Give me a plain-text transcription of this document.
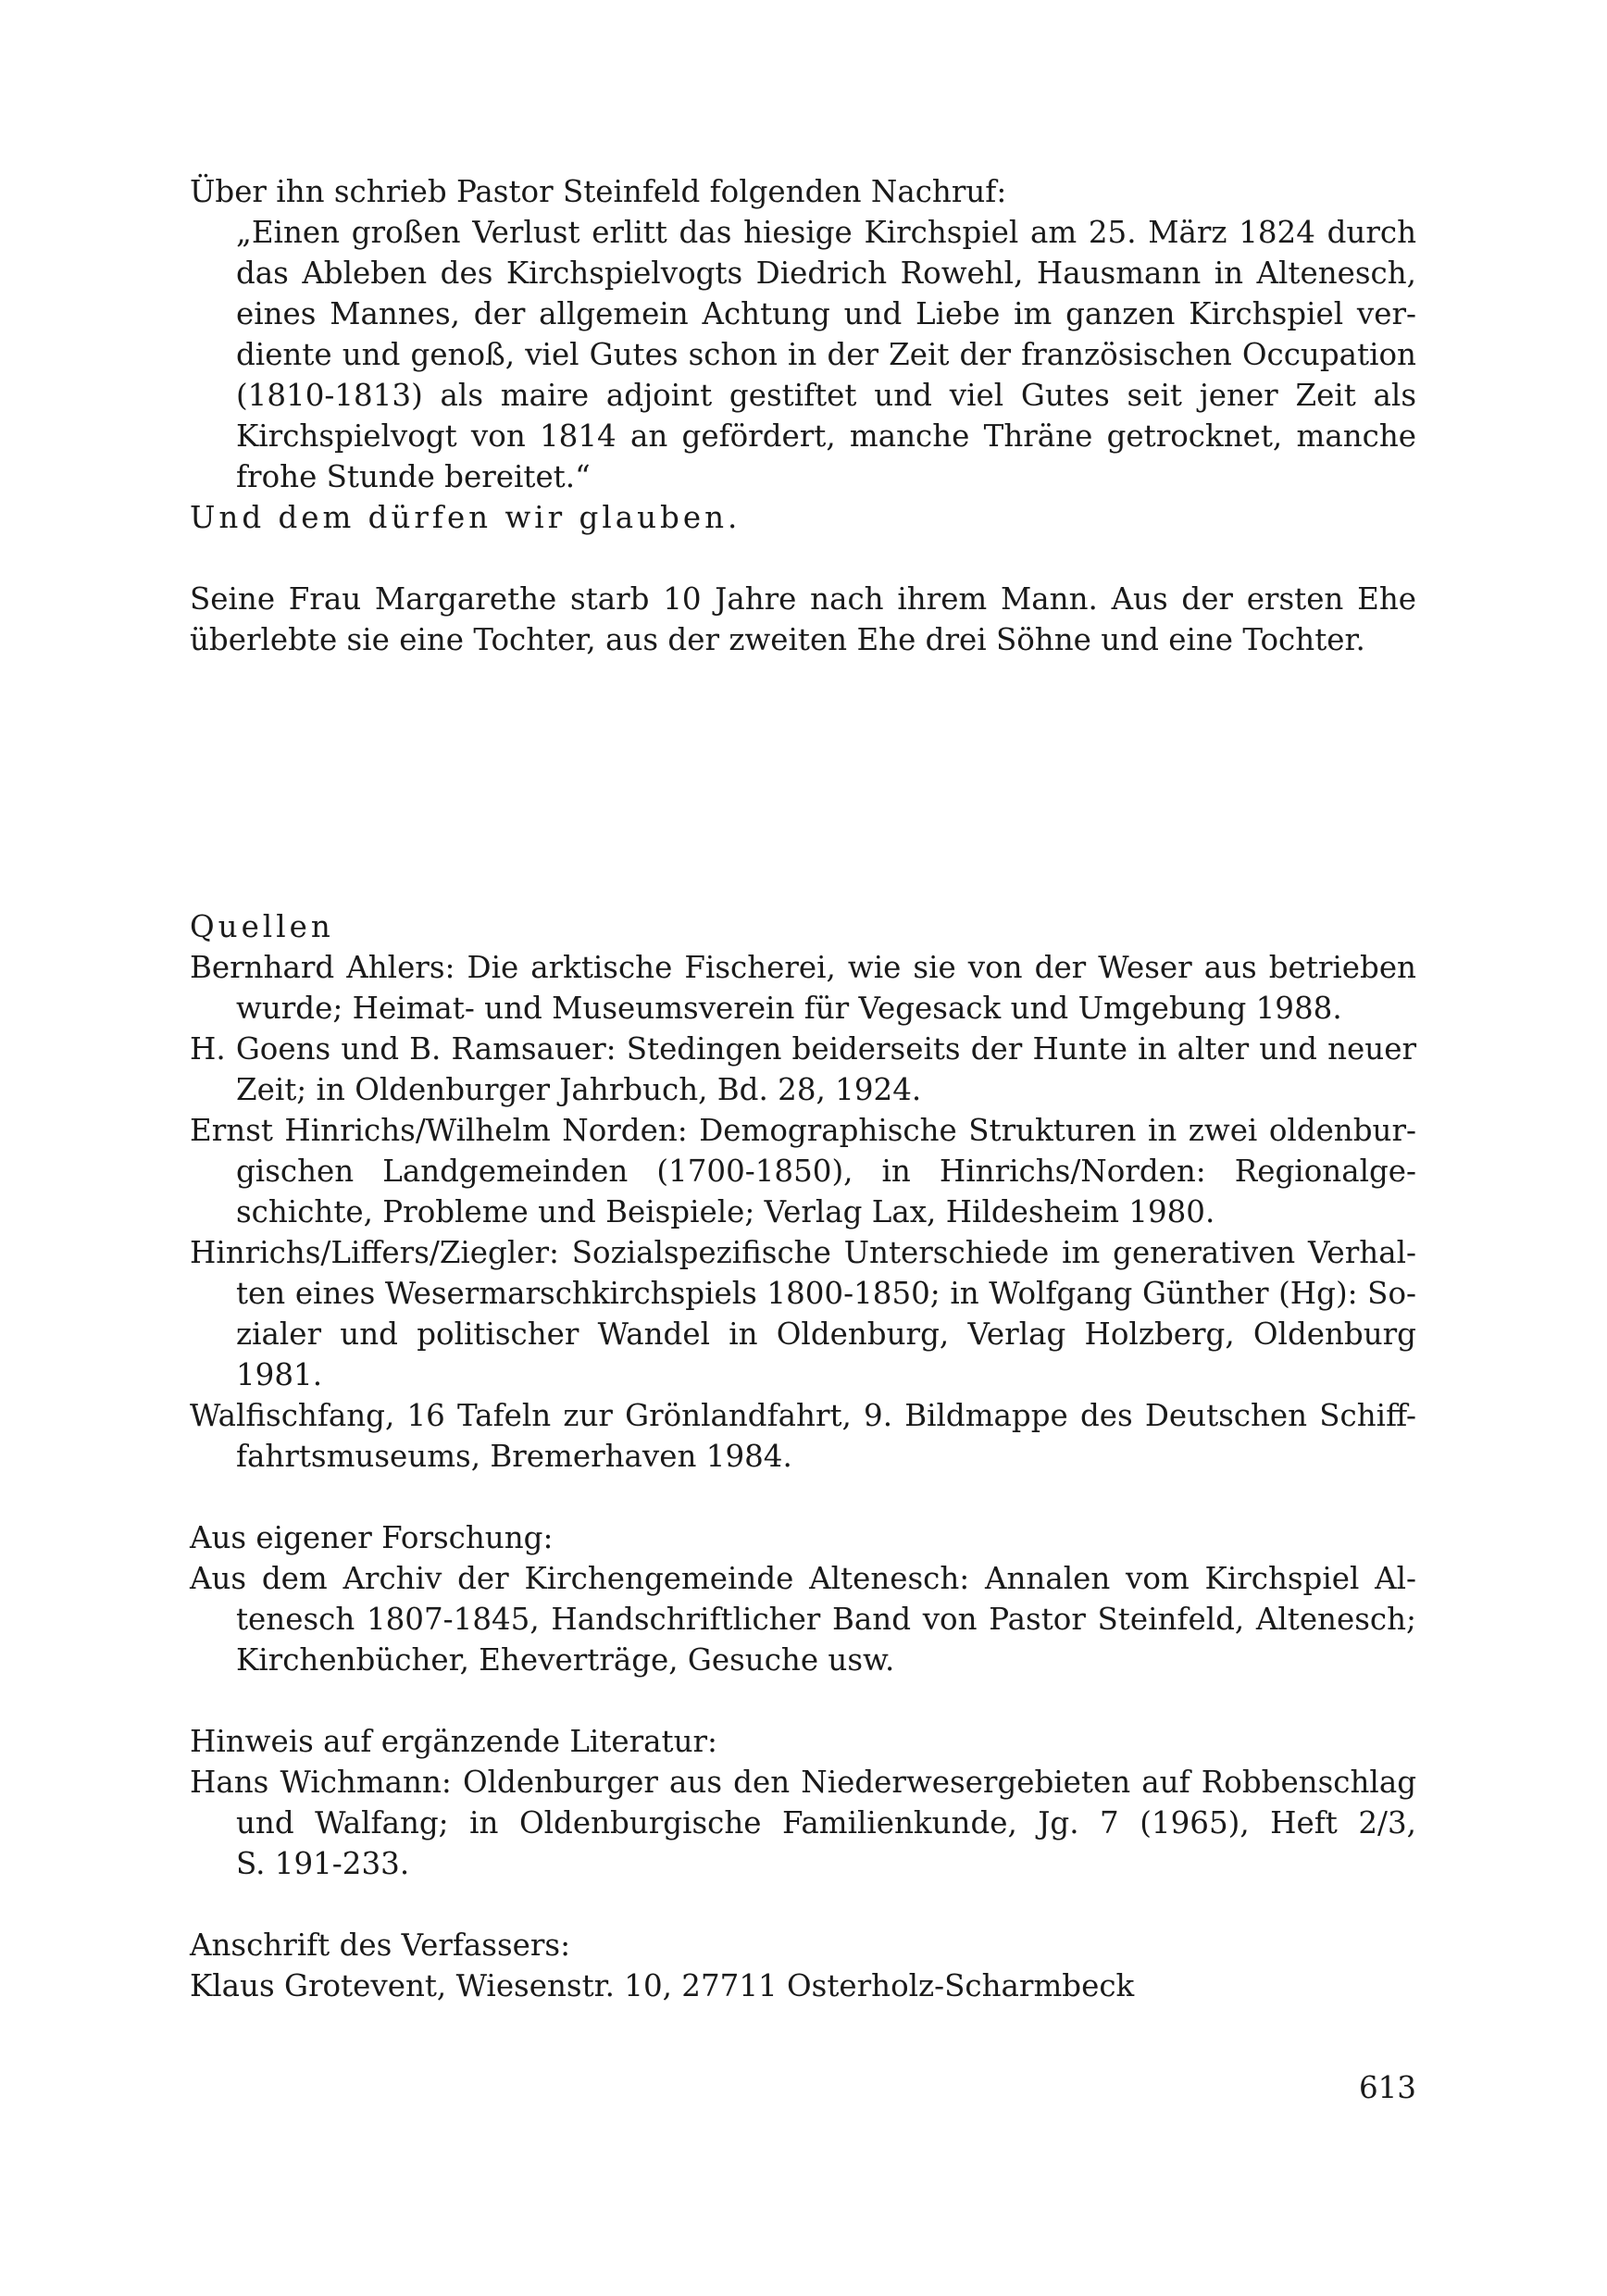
Über ihn schrieb Pastor Steinfeld folgenden Nachruf:
„Einen großen Verlust erlitt das hiesige Kirchspiel am 25. März 1824 durch
das Ableben des Kirchspielvogts Diedrich Rowehl, Hausmann in Altenesch,
eines Mannes, der allgemein Achtung und Liebe im ganzen Kirchspiel ver-
diente und genoß, viel Gutes schon in der Zeit der französischen Occupation
(1810-1813) als maire adjoint gestiftet und viel Gutes seit jener Zeit als
Kirchspielvogt von 1814 an gefördert, manche Thräne getrocknet, manche
frohe Stunde bereitet.“
Und dem dürfen wir glauben.
Seine Frau Margarethe starb 10 Jahre nach ihrem Mann. Aus der ersten Ehe
überlebte sie eine Tochter, aus der zweiten Ehe drei Söhne und eine Tochter.
Quellen
Bernhard Ahlers: Die arktische Fischerei, wie sie von der Weser aus betrieben
wurde; Heimat- und Museumsverein für Vegesack und Umgebung 1988.
H. Goens und B. Ramsauer: Stedingen beiderseits der Hunte in alter und neuer
Zeit; in Oldenburger Jahrbuch, Bd. 28, 1924.
Ernst Hinrichs/Wilhelm Norden: Demographische Strukturen in zwei oldenbur-
gischen Landgemeinden (1700-1850), in Hinrichs/Norden: Regionalge-
schichte, Probleme und Beispiele; Verlag Lax, Hildesheim 1980.
Hinrichs/Liffers/Ziegler: Sozialspezifische Unterschiede im generativen Verhal-
ten eines Wesermarschkirchspiels 1800-1850; in Wolfgang Günther (Hg): So-
zialer und politischer Wandel in Oldenburg, Verlag Holzberg, Oldenburg
1981.
Walfischfang, 16 Tafeln zur Grönlandfahrt, 9. Bildmappe des Deutschen Schiff-
fahrtsmuseums, Bremerhaven 1984.
Aus eigener Forschung:
Aus dem Archiv der Kirchengemeinde Altenesch: Annalen vom Kirchspiel Al-
tenesch 1807-1845, Handschriftlicher Band von Pastor Steinfeld, Altenesch;
Kirchenbücher, Eheverträge, Gesuche usw.
Hinweis auf ergänzende Literatur:
Hans Wichmann: Oldenburger aus den Niederwesergebieten auf Robbenschlag
und Walfang; in Oldenburgische Familienkunde, Jg. 7 (1965), Heft 2/3,
S. 191-233.
Anschrift des Verfassers:
Klaus Grotevent, Wiesenstr. 10, 27711 Osterholz-Scharmbeck
613
